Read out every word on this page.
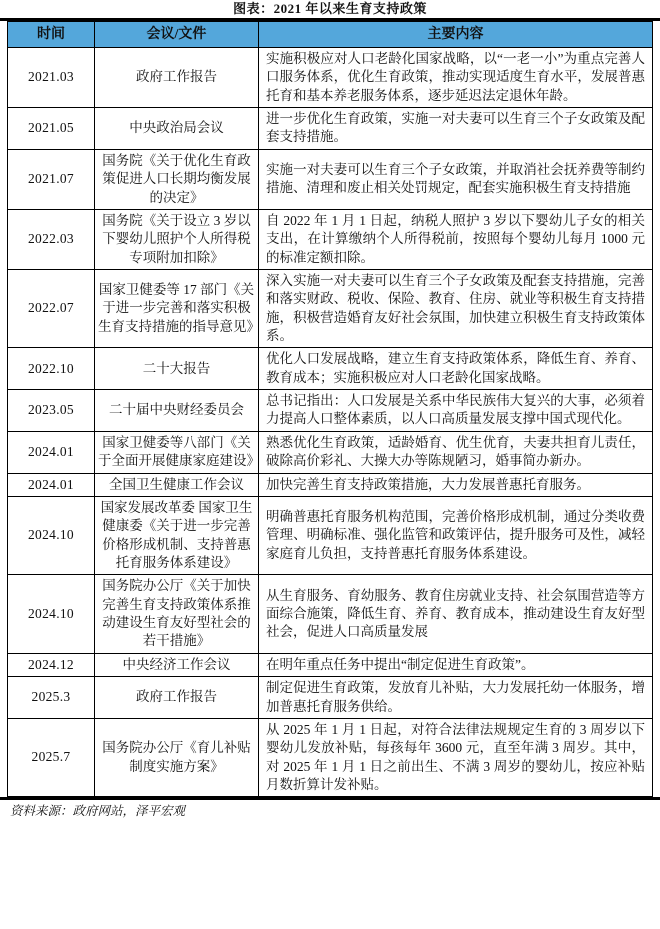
图表：2021 年以来生育支持政策
时间	会议/文件	主要内容
2021.03	政府工作报告	实施积极应对人口老龄化国家战略，以“一老一小”为重点完善人口服务体系，优化生育政策，推动实现适度生育水平，发展普惠托育和基本养老服务体系，逐步延迟法定退休年龄。
2021.05	中央政治局会议	进一步优化生育政策，实施一对夫妻可以生育三个子女政策及配套支持措施。
2021.07	国务院《关于优化生育政策促进人口长期均衡发展的决定》	实施一对夫妻可以生育三个子女政策，并取消社会抚养费等制约措施、清理和废止相关处罚规定，配套实施积极生育支持措施
2022.03	国务院《关于设立 3 岁以下婴幼儿照护个人所得税专项附加扣除》	自 2022 年 1 月 1 日起，纳税人照护 3 岁以下婴幼儿子女的相关支出，在计算缴纳个人所得税前，按照每个婴幼儿每月 1000 元的标准定额扣除。
2022.07	国家卫健委等 17 部门《关于进一步完善和落实积极生育支持措施的指导意见》	深入实施一对夫妻可以生育三个子女政策及配套支持措施，完善和落实财政、税收、保险、教育、住房、就业等积极生育支持措施，积极营造婚育友好社会氛围，加快建立积极生育支持政策体系。
2022.10	二十大报告	优化人口发展战略，建立生育支持政策体系，降低生育、养育、教育成本；实施积极应对人口老龄化国家战略。
2023.05	二十届中央财经委员会	总书记指出：人口发展是关系中华民族伟大复兴的大事，必须着力提高人口整体素质，以人口高质量发展支撑中国式现代化。
2024.01	国家卫健委等八部门《关于全面开展健康家庭建设》	熟悉优化生育政策，适龄婚育、优生优育，夫妻共担育儿责任，破除高价彩礼、大操大办等陈规陋习，婚事简办新办。
2024.01	全国卫生健康工作会议	加快完善生育支持政策措施，大力发展普惠托育服务。
2024.10	国家发展改革委 国家卫生健康委《关于进一步完善价格形成机制、支持普惠托育服务体系建设》	明确普惠托育服务机构范围，完善价格形成机制，通过分类收费管理、明确标准、强化监管和政策评估，提升服务可及性，减轻家庭育儿负担，支持普惠托育服务体系建设。
2024.10	国务院办公厅《关于加快完善生育支持政策体系推动建设生育友好型社会的若干措施》	从生育服务、育幼服务、教育住房就业支持、社会氛围营造等方面综合施策，降低生育、养育、教育成本，推动建设生育友好型社会，促进人口高质量发展
2024.12	中央经济工作会议	在明年重点任务中提出“制定促进生育政策”。
2025.3	政府工作报告	制定促进生育政策，发放育儿补贴，大力发展托幼一体服务，增加普惠托育服务供给。
2025.7	国务院办公厅《育儿补贴制度实施方案》	从 2025 年 1 月 1 日起，对符合法律法规规定生育的 3 周岁以下婴幼儿发放补贴，每孩每年 3600 元，直至年满 3 周岁。其中，对 2025 年 1 月 1 日之前出生、不满 3 周岁的婴幼儿，按应补贴月数折算计发补贴。
资料来源：政府网站，泽平宏观
